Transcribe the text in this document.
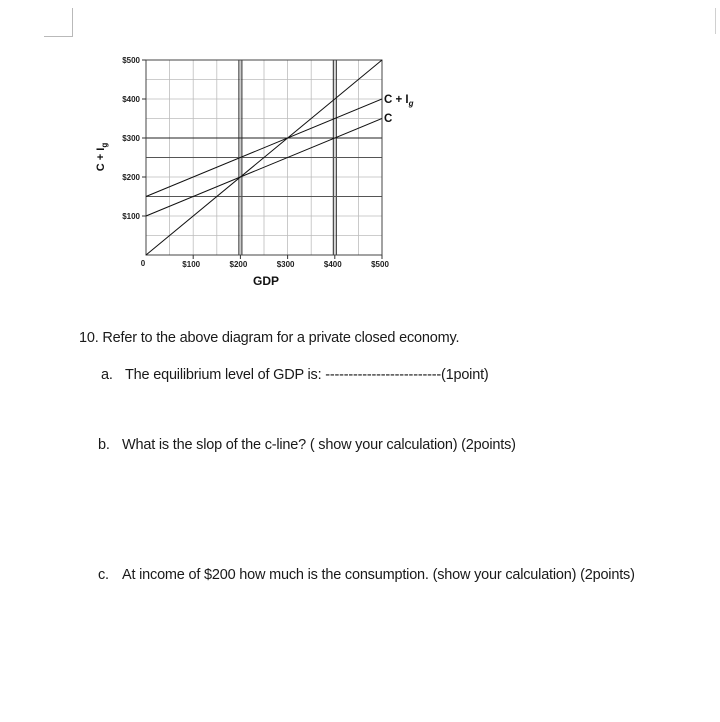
$100
$200
$300
$400
$500
$100	$200	$300	$400	$500
0
GDP
$C + I_g$
$C + I_g$
C
10. Refer to the above diagram for a private closed economy.
a. The equilibrium level of GDP is: -------------------------(1point)
b. What is the slop of the c-line? ( show your calculation) (2points)
c. At income of $200 how much is the consumption. (show your calculation) (2points)
